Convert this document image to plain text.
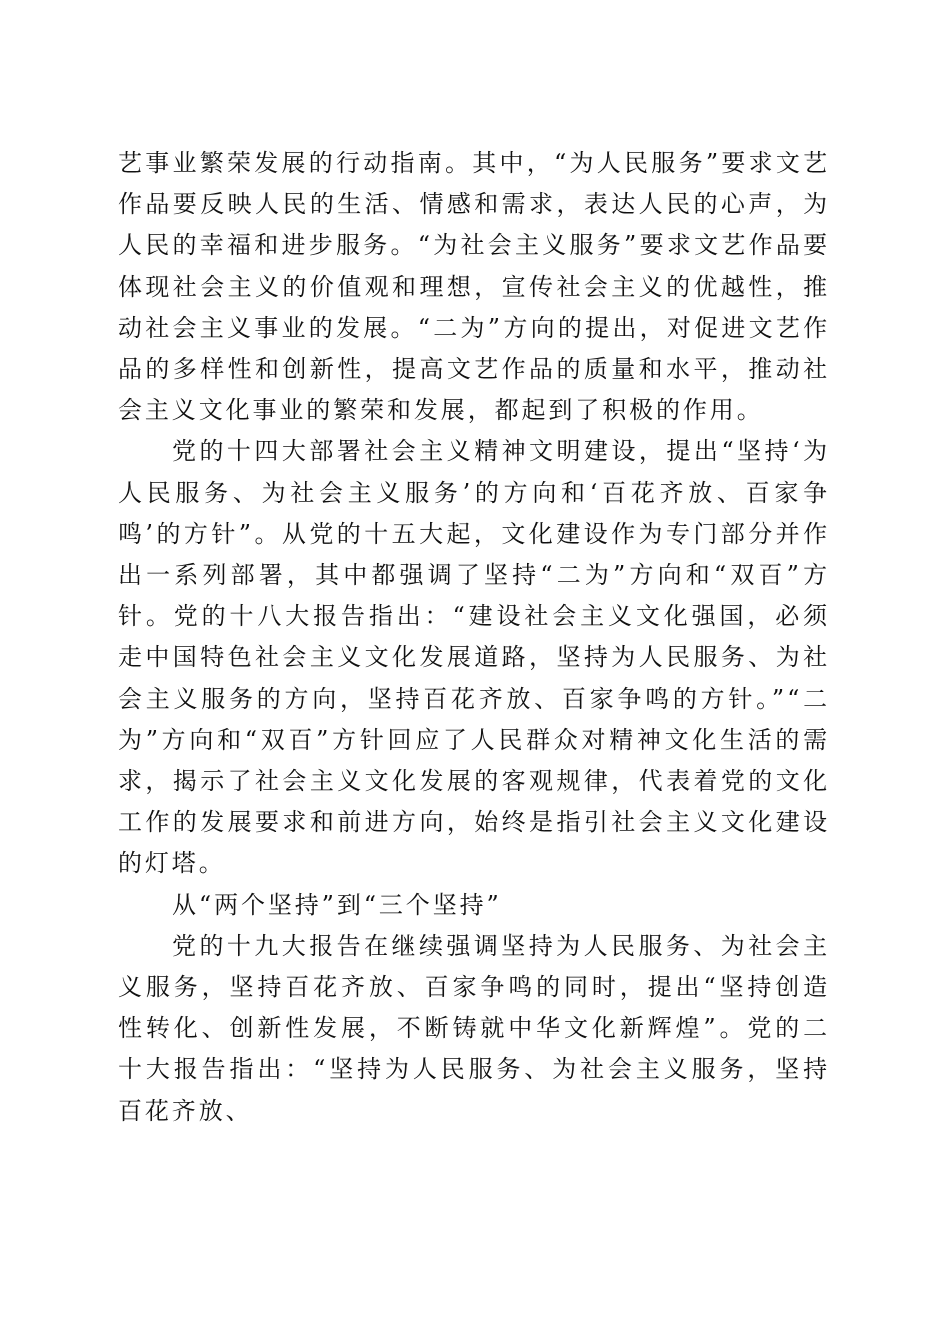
艺事业繁荣发展的行动指南。其中，“为人民服务”要求文艺作品要反映人民的生活、情感和需求，表达人民的心声，为人民的幸福和进步服务。“为社会主义服务”要求文艺作品要体现社会主义的价值观和理想，宣传社会主义的优越性，推动社会主义事业的发展。“二为”方向的提出，对促进文艺作品的多样性和创新性，提高文艺作品的质量和水平，推动社会主义文化事业的繁荣和发展，都起到了积极的作用。

党的十四大部署社会主义精神文明建设，提出“坚持‘为人民服务、为社会主义服务’的方向和‘百花齐放、百家争鸣’的方针”。从党的十五大起，文化建设作为专门部分并作出一系列部署，其中都强调了坚持“二为”方向和“双百”方针。党的十八大报告指出：“建设社会主义文化强国，必须走中国特色社会主义文化发展道路，坚持为人民服务、为社会主义服务的方向，坚持百花齐放、百家争鸣的方针。”“二为”方向和“双百”方针回应了人民群众对精神文化生活的需求，揭示了社会主义文化发展的客观规律，代表着党的文化工作的发展要求和前进方向，始终是指引社会主义文化建设的灯塔。

从“两个坚持”到“三个坚持”

党的十九大报告在继续强调坚持为人民服务、为社会主义服务，坚持百花齐放、百家争鸣的同时，提出“坚持创造性转化、创新性发展，不断铸就中华文化新辉煌”。党的二十大报告指出：“坚持为人民服务、为社会主义服务，坚持百花齐放、
